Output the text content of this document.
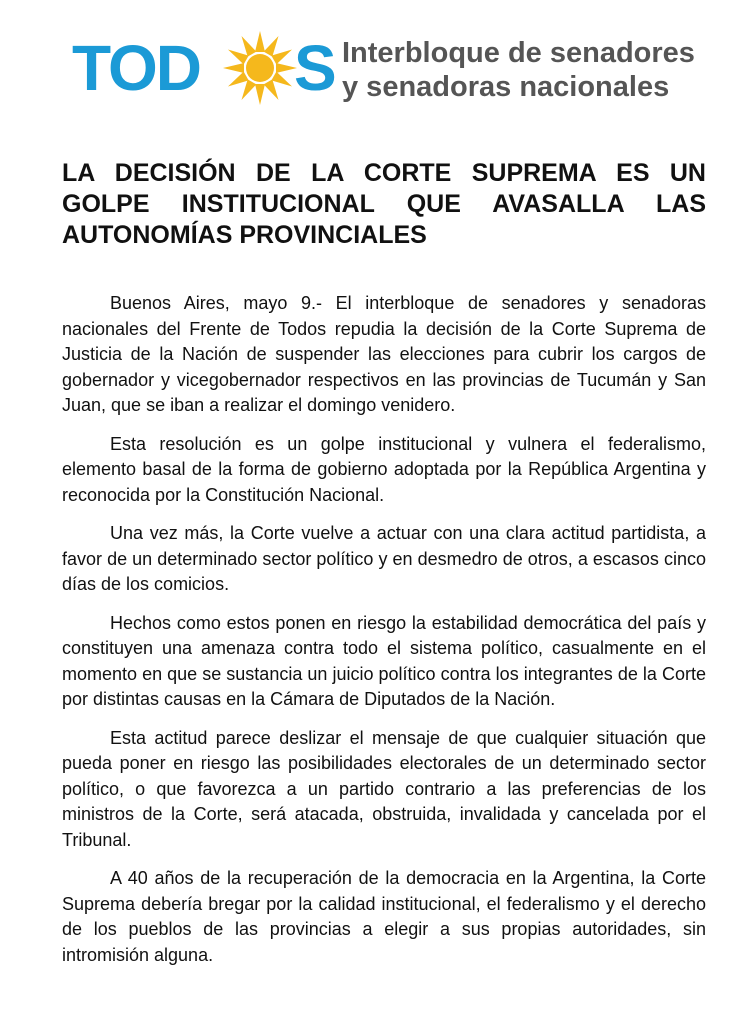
TOD S Interbloque de senadores
y senadoras nacionales
LA DECISIÓN DE LA CORTE SUPREMA ES UN GOLPE INSTITUCIONAL QUE AVASALLA LAS AUTONOMÍAS PROVINCIALES

Buenos Aires, mayo 9.- El interbloque de senadores y senadoras nacionales del Frente de Todos repudia la decisión de la Corte Suprema de Justicia de la Nación de suspender las elecciones para cubrir los cargos de gobernador y vicegobernador respectivos en las provincias de Tucumán y San Juan, que se iban a realizar el domingo venidero.

Esta resolución es un golpe institucional y vulnera el federalismo, elemento basal de la forma de gobierno adoptada por la República Argentina y reconocida por la Constitución Nacional.

Una vez más, la Corte vuelve a actuar con una clara actitud partidista, a favor de un determinado sector político y en desmedro de otros, a escasos cinco días de los comicios.

Hechos como estos ponen en riesgo la estabilidad democrática del país y constituyen una amenaza contra todo el sistema político, casualmente en el momento en que se sustancia un juicio político contra los integrantes de la Corte por distintas causas en la Cámara de Diputados de la Nación.

Esta actitud parece deslizar el mensaje de que cualquier situación que pueda poner en riesgo las posibilidades electorales de un determinado sector político, o que favorezca a un partido contrario a las preferencias de los ministros de la Corte, será atacada, obstruida, invalidada y cancelada por el Tribunal.

A 40 años de la recuperación de la democracia en la Argentina, la Corte Suprema debería bregar por la calidad institucional, el federalismo y el derecho de los pueblos de las provincias a elegir a sus propias autoridades, sin intromisión alguna.
